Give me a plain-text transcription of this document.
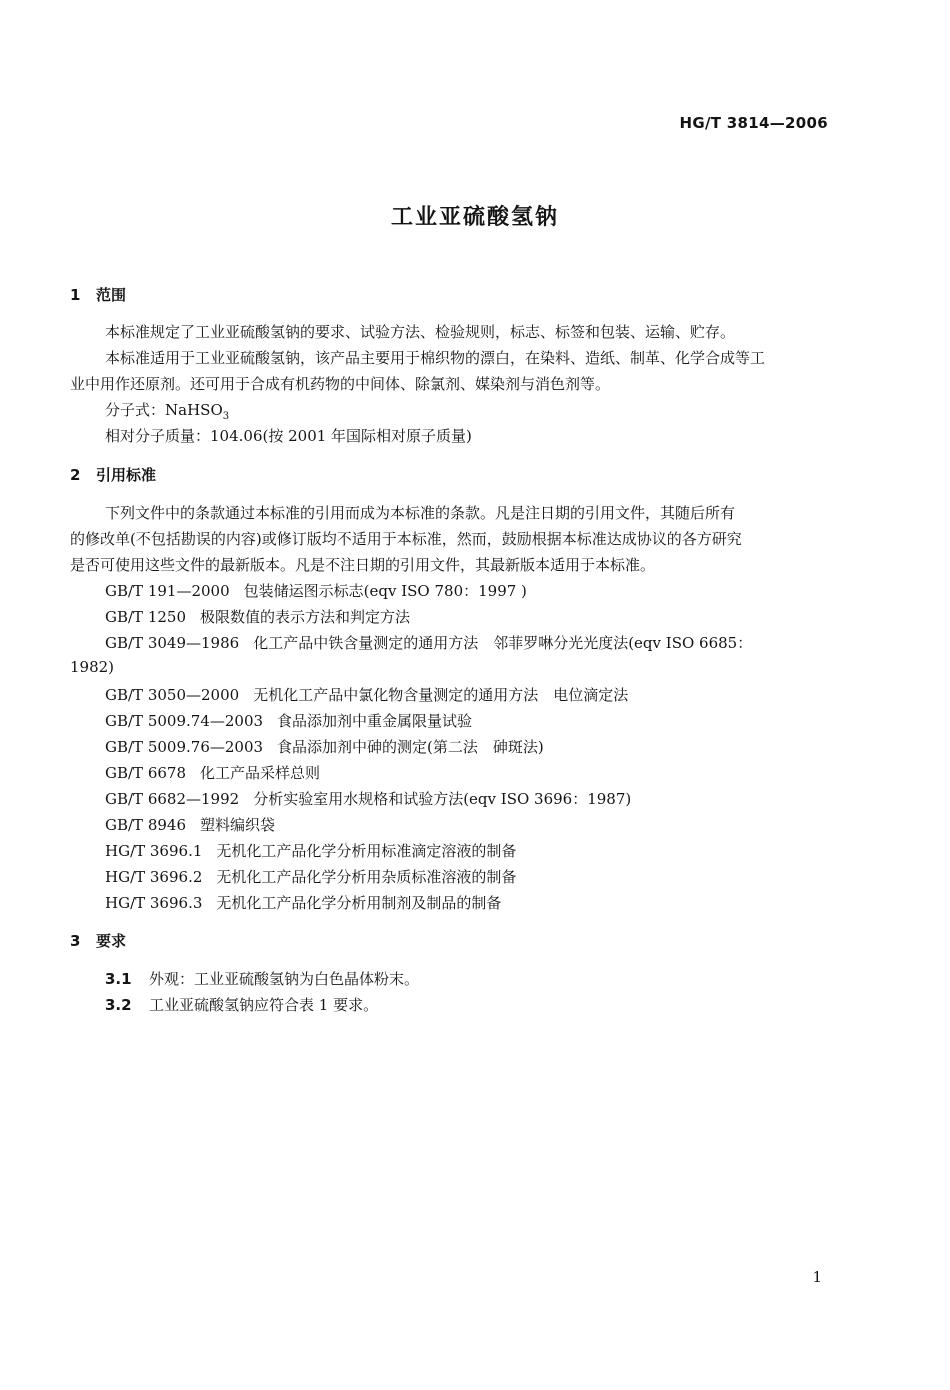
HG/T 3814—2006
工业亚硫酸氢钠
1 范围
本标准规定了工业亚硫酸氢钠的要求、试验方法、检验规则，标志、标签和包装、运输、贮存。
本标准适用于工业亚硫酸氢钠，该产品主要用于棉织物的漂白，在染料、造纸、制革、化学合成等工
业中用作还原剂。还可用于合成有机药物的中间体、除氯剂、媒染剂与消色剂等。
分子式：NaHSO$_3$
相对分子质量：104.06(按 2001 年国际相对原子质量)
2 引用标准
下列文件中的条款通过本标准的引用而成为本标准的条款。凡是注日期的引用文件，其随后所有
的修改单(不包括勘误的内容)或修订版均不适用于本标准，然而，鼓励根据本标准达成协议的各方研究
是否可使用这些文件的最新版本。凡是不注日期的引用文件，其最新版本适用于本标准。
GB/T 191—2000 包装储运图示标志(eqv ISO 780：1997 )
GB/T 1250 极限数值的表示方法和判定方法
GB/T 3049—1986 化工产品中铁含量测定的通用方法　邻菲罗啉分光光度法(eqv ISO 6685：
1982)
GB/T 3050—2000 无机化工产品中氯化物含量测定的通用方法　电位滴定法
GB/T 5009.74—2003 食品添加剂中重金属限量试验
GB/T 5009.76—2003 食品添加剂中砷的测定(第二法　砷斑法)
GB/T 6678 化工产品采样总则
GB/T 6682—1992 分析实验室用水规格和试验方法(eqv ISO 3696：1987)
GB/T 8946 塑料编织袋
HG/T 3696.1 无机化工产品化学分析用标准滴定溶液的制备
HG/T 3696.2 无机化工产品化学分析用杂质标准溶液的制备
HG/T 3696.3 无机化工产品化学分析用制剂及制品的制备
3 要求
3.1 外观：工业亚硫酸氢钠为白色晶体粉末。
3.2 工业亚硫酸氢钠应符合表 1 要求。
1
